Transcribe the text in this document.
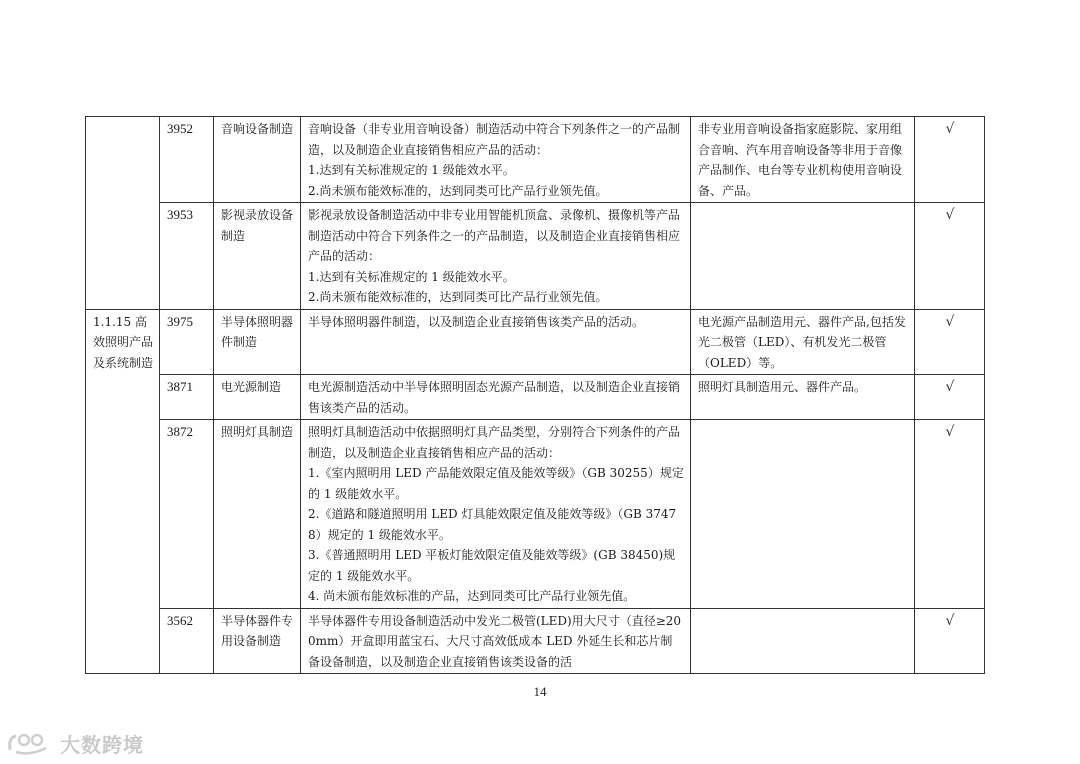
	3952	音响设备制造	音响设备（非专业用音响设备）制造活动中符合下列条件之一的产品制造，以及制造企业直接销售相应产品的活动：
1.达到有关标准规定的 1 级能效水平。
2.尚未颁布能效标准的，达到同类可比产品行业领先值。	非专业用音响设备指家庭影院、家用组合音响、汽车用音响设备等非用于音像产品制作、电台等专业机构使用音响设备、产品。	√
	3953	影视录放设备制造	影视录放设备制造活动中非专业用智能机顶盒、录像机、摄像机等产品制造活动中符合下列条件之一的产品制造，以及制造企业直接销售相应产品的活动：
1.达到有关标准规定的 1 级能效水平。
2.尚未颁布能效标准的，达到同类可比产品行业领先值。		√
1.1.15 高效照明产品及系统制造	3975	半导体照明器件制造	半导体照明器件制造，以及制造企业直接销售该类产品的活动。	电光源产品制造用元、器件产品,包括发光二极管（LED）、有机发光二极管（OLED）等。	√
	3871	电光源制造	电光源制造活动中半导体照明固态光源产品制造，以及制造企业直接销售该类产品的活动。	照明灯具制造用元、器件产品。	√
	3872	照明灯具制造	照明灯具制造活动中依据照明灯具产品类型，分别符合下列条件的产品制造，以及制造企业直接销售相应产品的活动：
1.《室内照明用 LED 产品能效限定值及能效等级》（GB 30255）规定的 1 级能效水平。
2.《道路和隧道照明用 LED 灯具能效限定值及能效等级》（GB 37478）规定的 1 级能效水平。
3.《普通照明用 LED 平板灯能效限定值及能效等级》(GB 38450)规定的 1 级能效水平。
4. 尚未颁布能效标准的产品，达到同类可比产品行业领先值。		√
	3562	半导体器件专用设备制造	半导体器件专用设备制造活动中发光二极管(LED)用大尺寸（直径≥200mm）开盒即用蓝宝石、大尺寸高效低成本 LED 外延生长和芯片制备设备制造，以及制造企业直接销售该类设备的活		√
14
大数跨境
